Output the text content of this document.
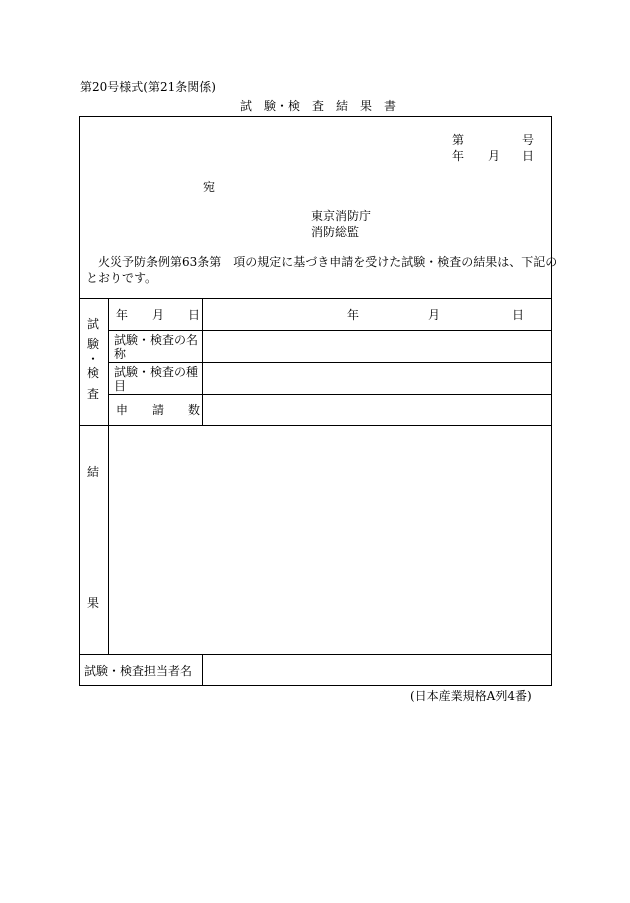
第20号様式(第21条関係)
試　験・検　査　結　果　書
第	号
年 月 日
宛
東京消防庁
消防総監
火災予防条例第63条第　項の規定に基づき申請を受けた試験・検査の結果は、下記の
とおりです。
試
験
・
検
査
年　　月　　日	年	月	日
試験・検査の名
称
試験・検査の種
目
申　　請　　数
結
果
試験・検査担当者名
(日本産業規格A列4番)
